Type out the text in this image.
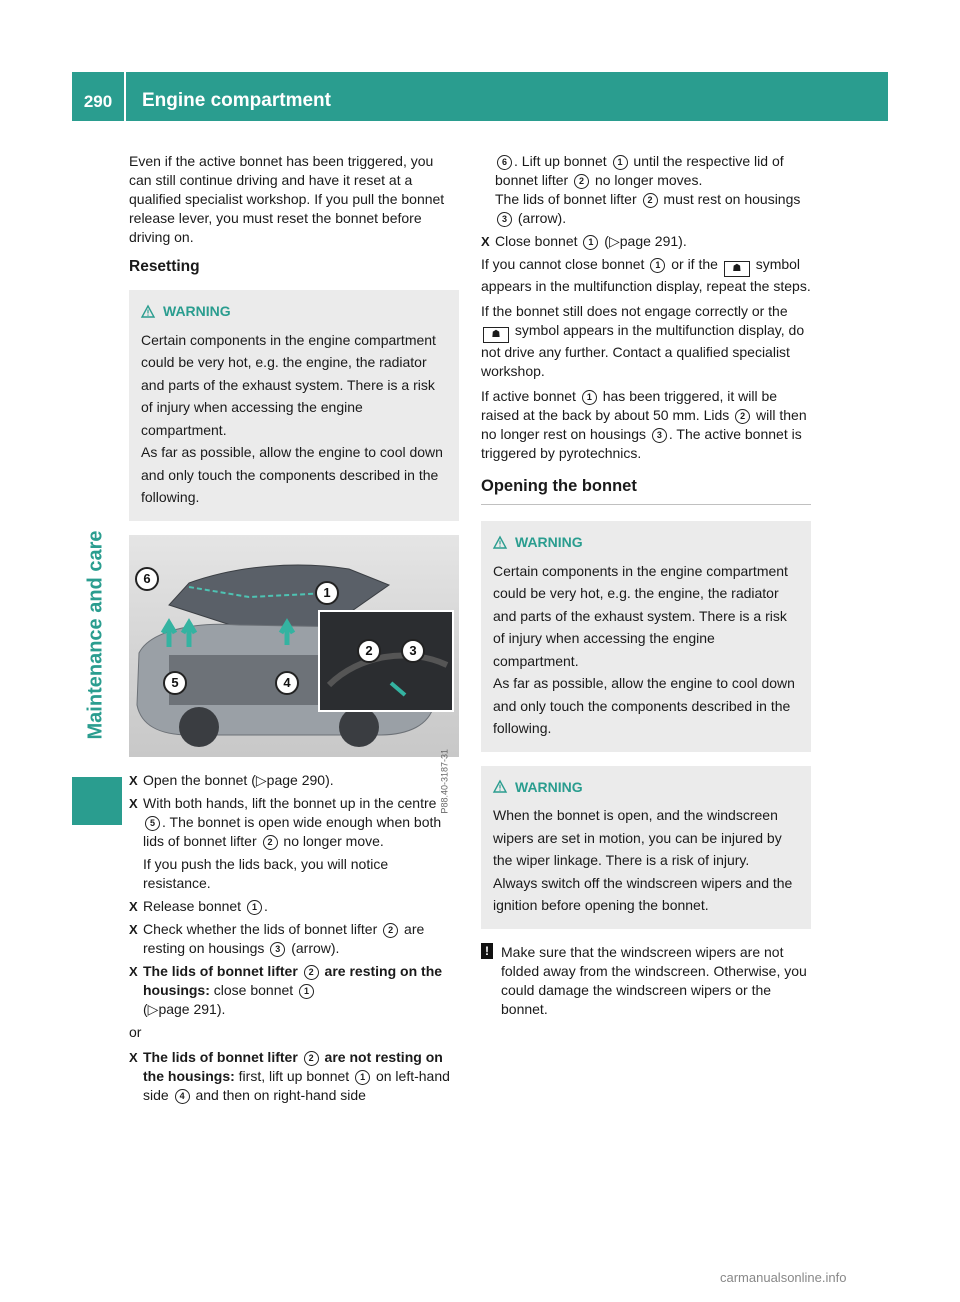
290	Engine compartment
Maintenance and care

Even if the active bonnet has been triggered, you can still continue driving and have it reset at a qualified specialist workshop. If you pull the bonnet release lever, you must reset the bonnet before driving on.

Resetting
WARNING

Certain components in the engine compartment could be very hot, e.g. the engine, the radiator and parts of the exhaust system. There is a risk of injury when accessing the engine compartment.

As far as possible, allow the engine to cool down and only touch the components described in the following.

6
1
2	3
5	4
P88.40-3187-31
X Open the bonnet (▷page 290).
X With both hands, lift the bonnet up in the centre 5 . The bonnet is open wide enough when both lids of bonnet lifter 2 no longer move.

If you push the lids back, you will notice resistance.

X Release bonnet 1 .
X Check whether the lids of bonnet lifter 2 are resting on housings 3 (arrow).
X The lids of bonnet lifter 2 are resting on the housings: close bonnet 1
(▷page 291).

or

X The lids of bonnet lifter 2 are not resting on the housings: first, lift up bonnet 1 on left-hand side 4 and then on right-hand side

6 . Lift up bonnet 1 until the respective lid of bonnet lifter 2 no longer moves.
The lids of bonnet lifter 2 must rest on housings 3 (arrow).

X Close bonnet 1 (▷page 291).

If you cannot close bonnet 1 or if the ☗ symbol appears in the multifunction display, repeat the steps.

If the bonnet still does not engage correctly or the ☗ symbol appears in the multifunction display, do not drive any further. Contact a qualified specialist workshop.

If active bonnet 1 has been triggered, it will be raised at the back by about 50 mm. Lids 2 will then no longer rest on housings 3 . The active bonnet is triggered by pyrotechnics.

Opening the bonnet
WARNING

Certain components in the engine compartment could be very hot, e.g. the engine, the radiator and parts of the exhaust system. There is a risk of injury when accessing the engine compartment.

As far as possible, allow the engine to cool down and only touch the components described in the following.

WARNING

When the bonnet is open, and the windscreen wipers are set in motion, you can be injured by the wiper linkage. There is a risk of injury.

Always switch off the windscreen wipers and the ignition before opening the bonnet.

! Make sure that the windscreen wipers are not folded away from the windscreen. Otherwise, you could damage the windscreen wipers or the bonnet.
carmanualsonline.info
